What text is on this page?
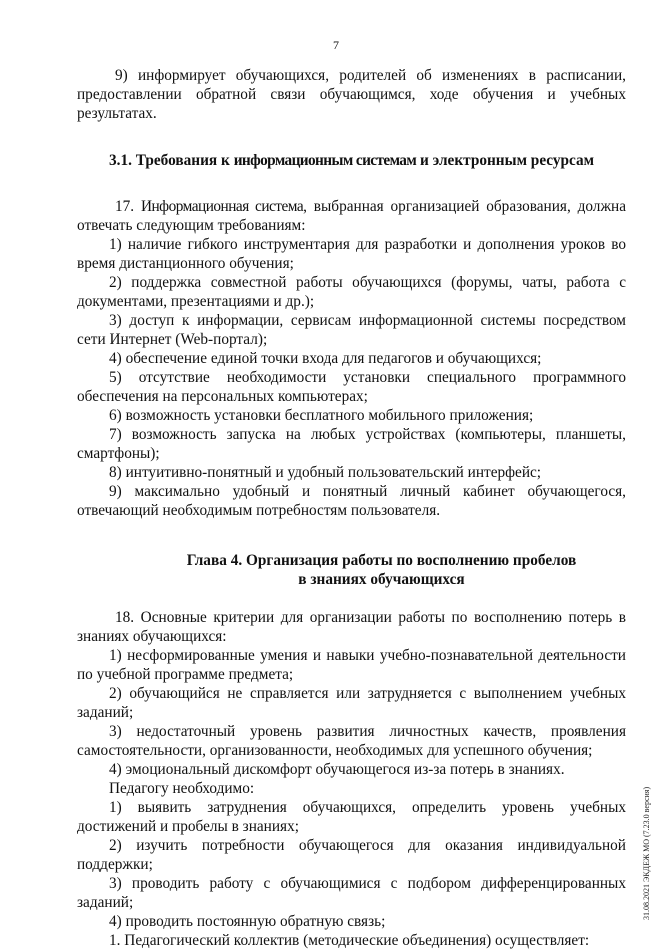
7

9) информирует обучающихся, родителей об изменениях в расписании, предоставлении обратной связи обучающимся, ходе обучения и учебных результатах.

3.1. Требования к информационным системам и электронным ресурсам

17. Информационная система, выбранная организацией образования, должна отвечать следующим требованиям:

1) наличие гибкого инструментария для разработки и дополнения уроков во время дистанционного обучения;

2) поддержка совместной работы обучающихся (форумы, чаты, работа с документами, презентациями и др.);

3) доступ к информации, сервисам информационной системы посредством сети Интернет (Web-портал);

4) обеспечение единой точки входа для педагогов и обучающихся;

5) отсутствие необходимости установки специального программного обеспечения на персональных компьютерах;

6) возможность установки бесплатного мобильного приложения;

7) возможность запуска на любых устройствах (компьютеры, планшеты, смартфоны);

8) интуитивно-понятный и удобный пользовательский интерфейс;

9) максимально удобный и понятный личный кабинет обучающегося, отвечающий необходимым потребностям пользователя.

Глава 4. Организация работы по восполнению пробелов
в знаниях обучающихся

18. Основные критерии для организации работы по восполнению потерь в знаниях обучающихся:

1) несформированные умения и навыки учебно-познавательной деятельности по учебной программе предмета;

2) обучающийся не справляется или затрудняется с выполнением учебных заданий;

3) недостаточный уровень развития личностных качеств, проявления самостоятельности, организованности, необходимых для успешного обучения;

4) эмоциональный дискомфорт обучающегося из-за потерь в знаниях.

Педагогу необходимо:

1) выявить затруднения обучающихся, определить уровень учебных достижений и пробелы в знаниях;

2) изучить потребности обучающегося для оказания индивидуальной поддержки;

3) проводить работу с обучающимися с подбором дифференцированных заданий;

4) проводить постоянную обратную связь;

1. Педагогический коллектив (методические объединения) осуществляет:

31.08.2021 ЭКДЕЖ МО (7.23.0 версия)
